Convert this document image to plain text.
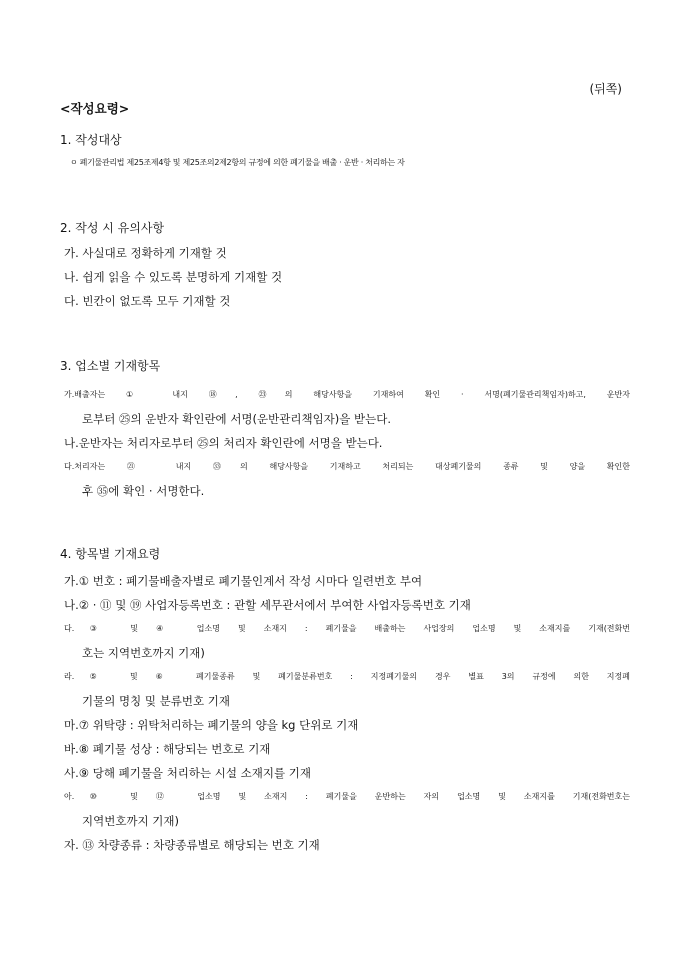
(뒤쪽)
<작성요령>
1. 작성대상
ㅇ 폐기물관리법 제25조제4항 및 제25조의2제2항의 규정에 의한 폐기물을 배출 · 운반 · 처리하는 자
2. 작성 시 유의사항
가. 사실대로 정확하게 기재할 것
나. 쉽게 읽을 수 있도록 분명하게 기재할 것
다. 빈칸이 없도록 모두 기재할 것
3. 업소별 기재항목
가.배출자는 ① 내지 ⑱, ㉓의 해당사항을 기재하여 확인 · 서명(폐기물관리책임자)하고, 운반자
로부터 ㉕의 운반자 확인란에 서명(운반관리책임자)을 받는다.
나.운반자는 처리자로부터 ㉕의 처리자 확인란에 서명을 받는다.
다.처리자는 ㉑ 내지 ㉝의 해당사항을 기재하고 처리되는 대상폐기물의 종류 및 양을 확인한
후 ㉟에 확인 · 서명한다.
4. 항목별 기재요령
가.① 번호 : 폐기물배출자별로 폐기물인계서 작성 시마다 일련번호 부여
나.② · ⑪ 및 ⑲ 사업자등록번호 : 관할 세무관서에서 부여한 사업자등록번호 기재
다.③ 및 ④ 업소명 및 소재지 : 폐기물을 배출하는 사업장의 업소명 및 소재지를 기재(전화번
호는 지역번호까지 기재)
라.⑤ 및 ⑥ 폐기물종류 및 폐기물분류번호 : 지정폐기물의 경우 별표 3의 규정에 의한 지정폐
기물의 명칭 및 분류번호 기재
마.⑦ 위탁량 : 위탁처리하는 폐기물의 양을 kg 단위로 기재
바.⑧ 폐기물 성상 : 해당되는 번호로 기재
사.⑨ 당해 폐기물을 처리하는 시설 소재지를 기재
아.⑩ 및 ⑫ 업소명 및 소재지 : 폐기물을 운반하는 자의 업소명 및 소재지를 기재(전화번호는
지역번호까지 기재)
자. ⑬ 차량종류 : 차량종류별로 해당되는 번호 기재
